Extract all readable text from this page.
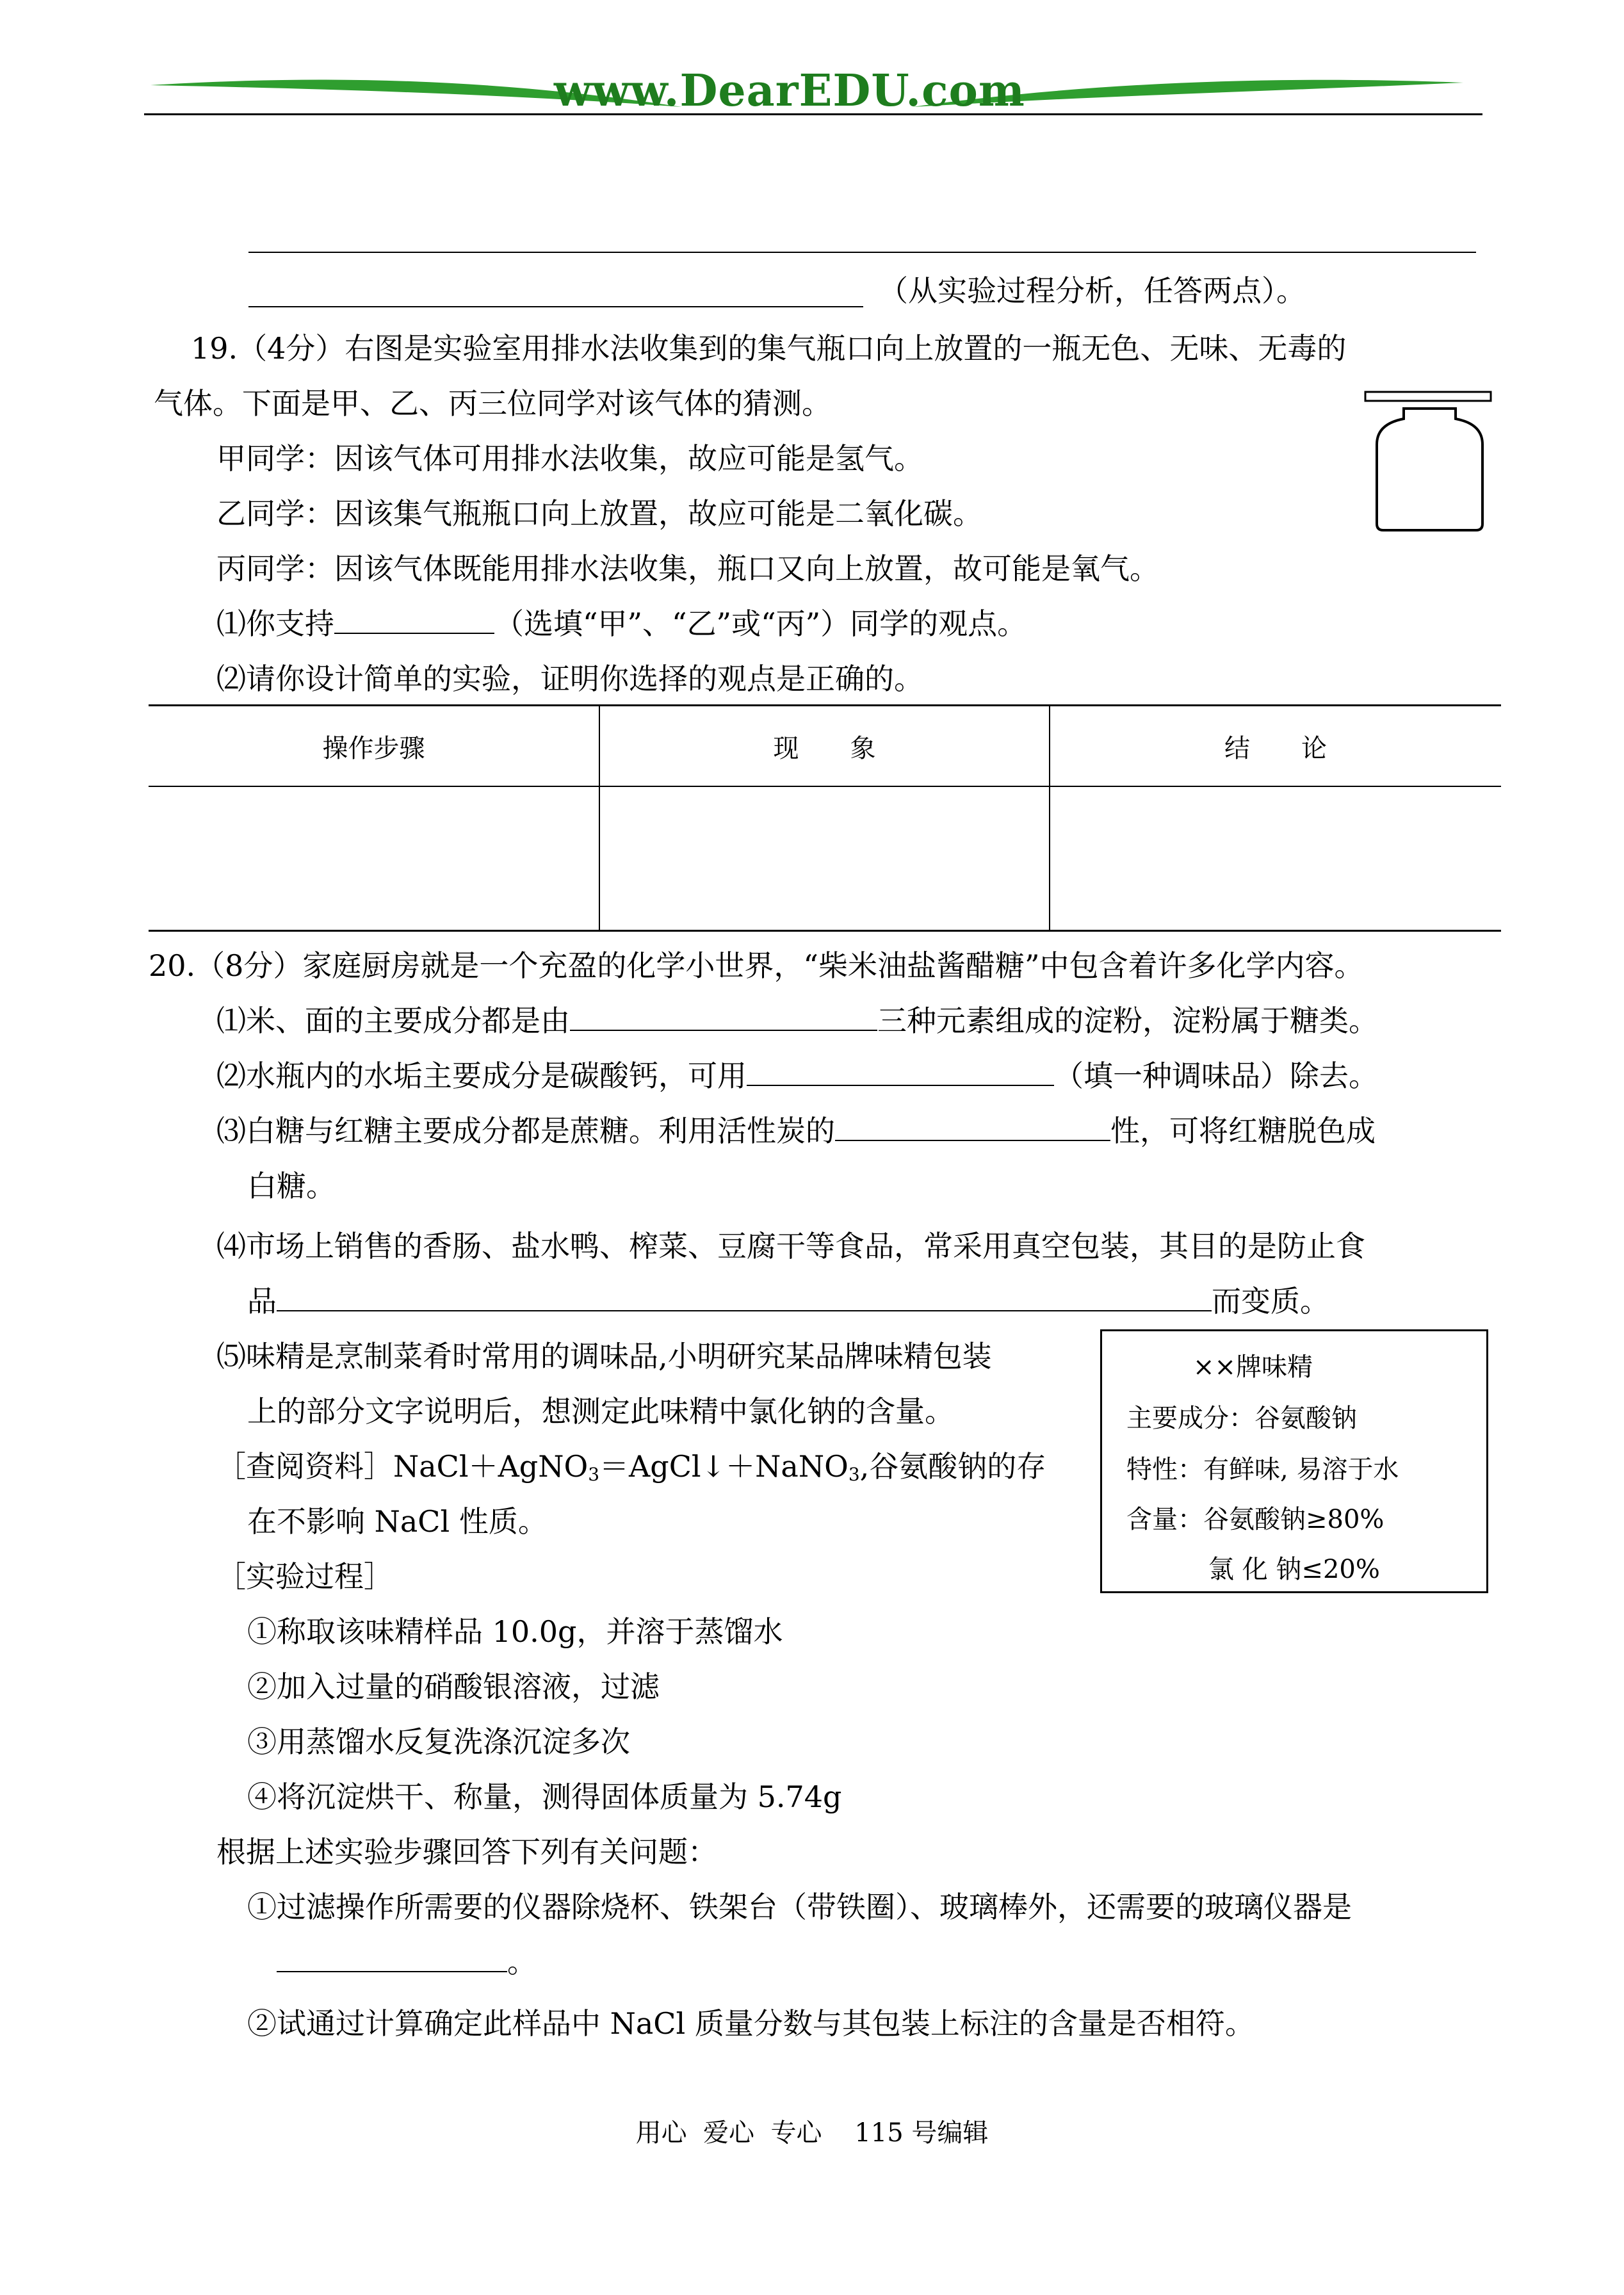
www.DearEDU.com
（从实验过程分析，任答两点）。
19.（4分）右图是实验室用排水法收集到的集气瓶口向上放置的一瓶无色、无味、无毒的
气体。下面是甲、乙、丙三位同学对该气体的猜测。
甲同学：因该气体可用排水法收集，故应可能是氢气。
乙同学：因该集气瓶瓶口向上放置，故应可能是二氧化碳。
丙同学：因该气体既能用排水法收集，瓶口又向上放置，故可能是氧气。
⑴你支持	（选填“甲”、“乙”或“丙”）同学的观点。
⑵请你设计简单的实验，证明你选择的观点是正确的。
操作步骤	现　　象	结　　论
20.（8分）家庭厨房就是一个充盈的化学小世界，“柴米油盐酱醋糖”中包含着许多化学内容。
⑴米、面的主要成分都是由	三种元素组成的淀粉，淀粉属于糖类。
⑵水瓶内的水垢主要成分是碳酸钙，可用	（填一种调味品）除去。
⑶白糖与红糖主要成分都是蔗糖。利用活性炭的	性，可将红糖脱色成
白糖。
⑷市场上销售的香肠、盐水鸭、榨菜、豆腐干等食品，常采用真空包装，其目的是防止食
品	而变质。
⑸味精是烹制菜肴时常用的调味品,小明研究某品牌味精包装
上的部分文字说明后，想测定此味精中氯化钠的含量。
［查阅资料］NaCl＋AgNO$_3$＝AgCl↓＋NaNO$_3$,谷氨酸钠的存
在不影响 NaCl 性质。
［实验过程］
①称取该味精样品 10.0g，并溶于蒸馏水
②加入过量的硝酸银溶液，过滤
③用蒸馏水反复洗涤沉淀多次
④将沉淀烘干、称量，测得固体质量为 5.74g
××牌味精
主要成分：谷氨酸钠
特性：有鲜味, 易溶于水
含量：谷氨酸钠≥80%
氯 化 钠≤20%
根据上述实验步骤回答下列有关问题：
①过滤操作所需要的仪器除烧杯、铁架台（带铁圈）、玻璃棒外，还需要的玻璃仪器是
。
②试通过计算确定此样品中 NaCl 质量分数与其包装上标注的含量是否相符。
用心  爱心  专心    115 号编辑
